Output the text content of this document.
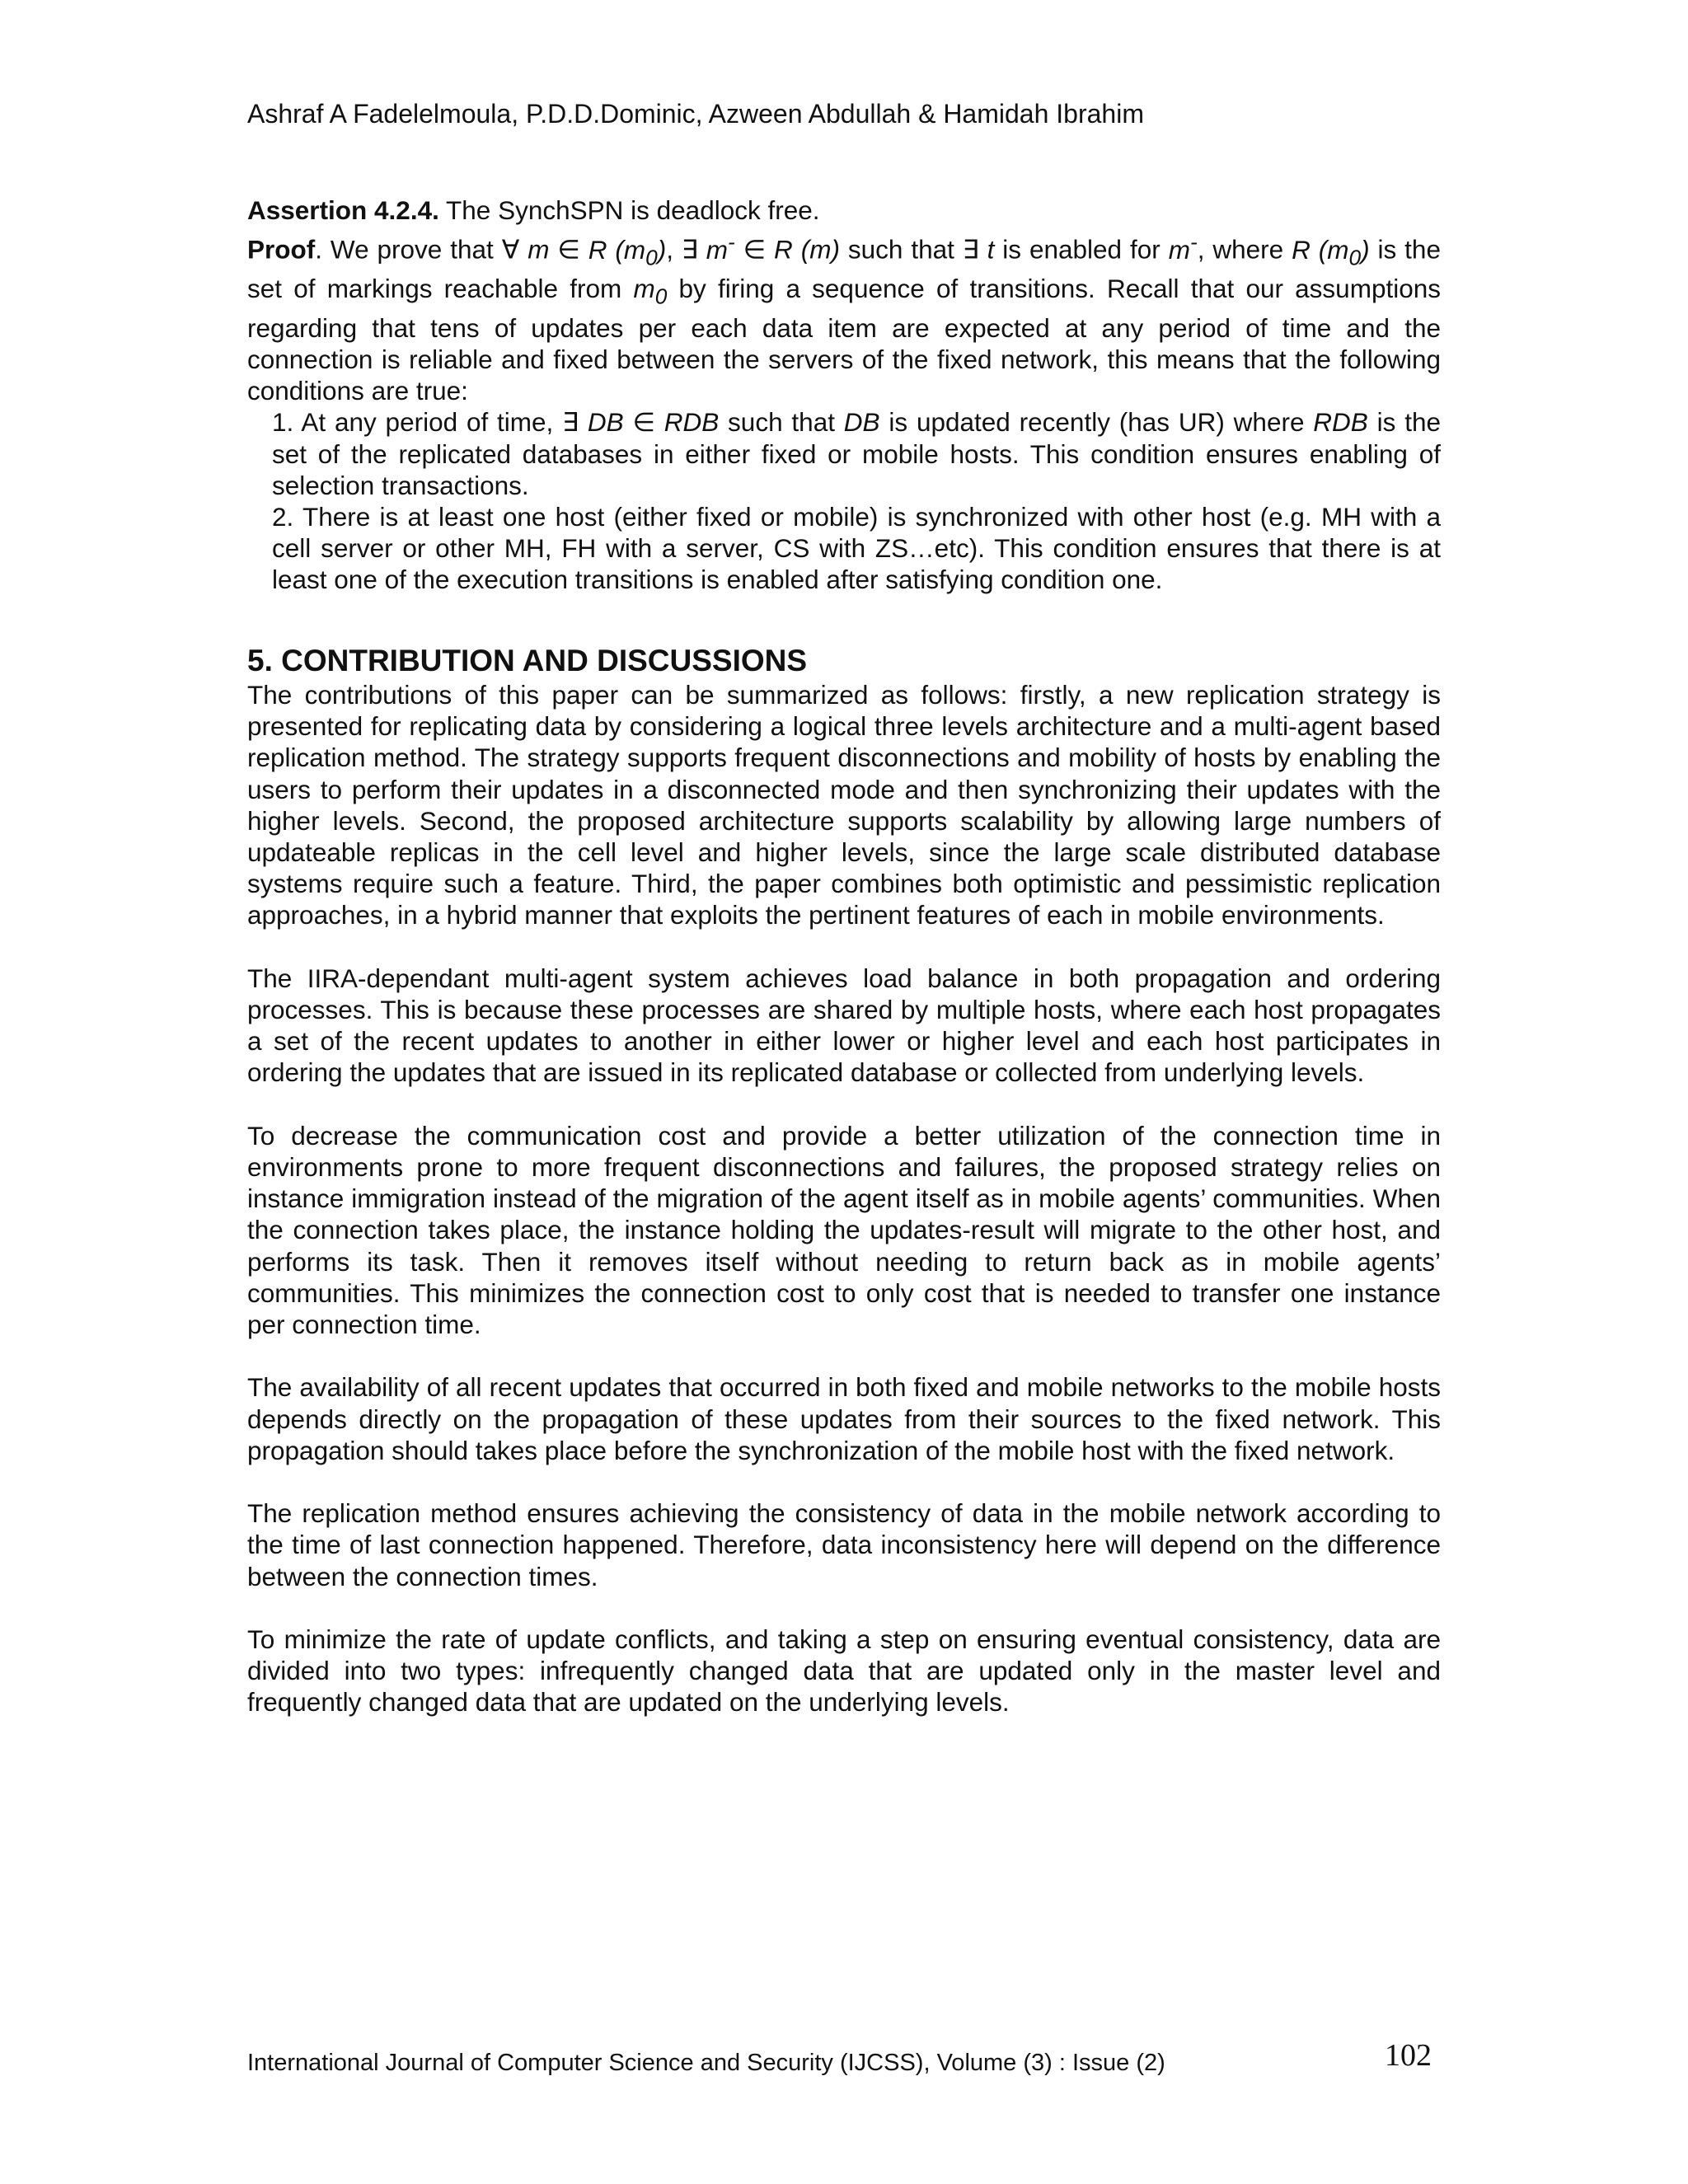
Ashraf A Fadelelmoula, P.D.D.Dominic, Azween Abdullah & Hamidah Ibrahim

Assertion 4.2.4. The SynchSPN is deadlock free.

Proof. We prove that ∀ m ∈ R $(m_0)$, ∃ m- ∈ R (m) such that ∃ t is enabled for m-, where R $(m_0)$ is the set of markings reachable from $m_0$ by firing a sequence of transitions. Recall that our assumptions regarding that tens of updates per each data item are expected at any period of time and the connection is reliable and fixed between the servers of the fixed network, this means that the following conditions are true:

1. At any period of time, ∃ DB ∈ RDB such that DB is updated recently (has UR) where RDB is the set of the replicated databases in either fixed or mobile hosts. This condition ensures enabling of selection transactions.

2. There is at least one host (either fixed or mobile) is synchronized with other host (e.g. MH with a cell server or other MH, FH with a server, CS with ZS…etc). This condition ensures that there is at least one of the execution transitions is enabled after satisfying condition one.

5. CONTRIBUTION AND DISCUSSIONS

The contributions of this paper can be summarized as follows: firstly, a new replication strategy is presented for replicating data by considering a logical three levels architecture and a multi-agent based replication method. The strategy supports frequent disconnections and mobility of hosts by enabling the users to perform their updates in a disconnected mode and then synchronizing their updates with the higher levels. Second, the proposed architecture supports scalability by allowing large numbers of updateable replicas in the cell level and higher levels, since the large scale distributed database systems require such a feature. Third, the paper combines both optimistic and pessimistic replication approaches, in a hybrid manner that exploits the pertinent features of each in mobile environments.

The IIRA-dependant multi-agent system achieves load balance in both propagation and ordering processes. This is because these processes are shared by multiple hosts, where each host propagates a set of the recent updates to another in either lower or higher level and each host participates in ordering the updates that are issued in its replicated database or collected from underlying levels.

To decrease the communication cost and provide a better utilization of the connection time in environments prone to more frequent disconnections and failures, the proposed strategy relies on instance immigration instead of the migration of the agent itself as in mobile agents’ communities. When the connection takes place, the instance holding the updates-result will migrate to the other host, and performs its task. Then it removes itself without needing to return back as in mobile agents’ communities. This minimizes the connection cost to only cost that is needed to transfer one instance per connection time.

The availability of all recent updates that occurred in both fixed and mobile networks to the mobile hosts depends directly on the propagation of these updates from their sources to the fixed network. This propagation should takes place before the synchronization of the mobile host with the fixed network.

The replication method ensures achieving the consistency of data in the mobile network according to the time of last connection happened. Therefore, data inconsistency here will depend on the difference between the connection times.

To minimize the rate of update conflicts, and taking a step on ensuring eventual consistency, data are divided into two types: infrequently changed data that are updated only in the master level and frequently changed data that are updated on the underlying levels.

International Journal of Computer Science and Security (IJCSS), Volume (3) : Issue (2)	102
